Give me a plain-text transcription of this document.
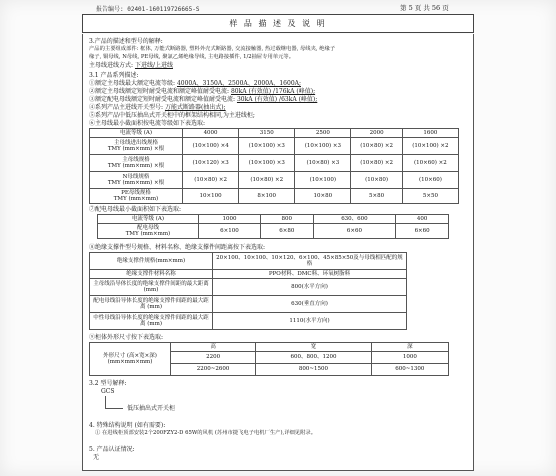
报告编号: 02401-160119726665-S	第 5 页 共 56 页
样 品 描 述 及 说 明
3.产品的描述和型号的解释:
产品的主要组成部件: 框体, 万能式断路器, 塑料外壳式断路器, 交流接触器, 热过载继电器, 母线夹, 绝缘子
缘子, 铜母线, N母线, PE母线, 聚氯乙烯绝缘导线, 主电路接插件, 1/2抽屉专用单元等。
主母线进线方式: 下进线/上进线
3.1 产品系列描述:
①额定主母线最大额定电流等级: 4000A、3150A、2500A、2000A、1600A;
②额定主母线额定短时耐受电流和额定峰值耐受电流: 80kA (有效值) /176kA (峰值);
③额定配电母线额定短时耐受电流和额定峰值耐受电流: 30kA (有效值) /63kA (峰值);
④系列产品主进线开关型号: 万能式断路器(抽出式);
⑤系列产品中低压抽出式开关柜中的框架结构相同,为主进线柜;
⑥主母线最小截面积按电流等级如下表选取:
电流等级 (A)	4000	3150	2500	2000	1600
主母线进出线规格
TMY (mm×mm) ×根	(10×100) ×4	(10×100) ×3	(10×100) ×3	(10×80) ×2	(10×100) ×2
主母线规格
TMY (mm×mm) ×根	(10×120) ×3	(10×100) ×3	(10×80) ×3	(10×80) ×2	(10×60) ×2
N母线规格
TMY (mm×mm) ×根	(10×80) ×2	(10×80) ×2	(10×100)	(10×80)	(10×60)
PE母线规格
TMY (mm×mm)	10×100	8×100	10×80	5×80	5×50
⑦配电母线最小截面积如下表选取:
电流等级 (A)	1000	800	630、600	400
配电母线
TMY (mm×mm)	6×100	6×80	6×60	6×60
⑧绝缘支撑件型号规格、材料名称、绝缘支撑件间距离按下表选取:
绝缘支撑件规格(mm×mm)	20×100、10×100、10×120、6×100、45×85×50及与母线相匹配的规格
绝缘支撑件材料名称	PPO材料、DMC料、环氧树脂料
主母线沿导体长度的绝缘支撑件间距的最大距离 (mm)	800(水平方向)
配电母线沿导体长度的绝缘支撑件间距的最大距离 (mm)	630(垂直方向)
中性母线沿导体长度的绝缘支撑件间距的最大距离 (mm)	1110(水平方向)
⑨柜体外形尺寸按下表选取:
外形尺寸 (高×宽×深)
(mm×mm×mm)	高	宽	深
	2200	600、800、1200	1000
	2200~2600	800~1500	600~1300
3.2 型号解释:
GCS
低压抽出式开关柜
4. 特殊结构说明 (如有需要):
① 在进线柜顶部安装2个200FZY2-D 65W的风机 (苏州市捷飞电子电机厂生产),详细见附录。
5. 产品认证情况:
无
